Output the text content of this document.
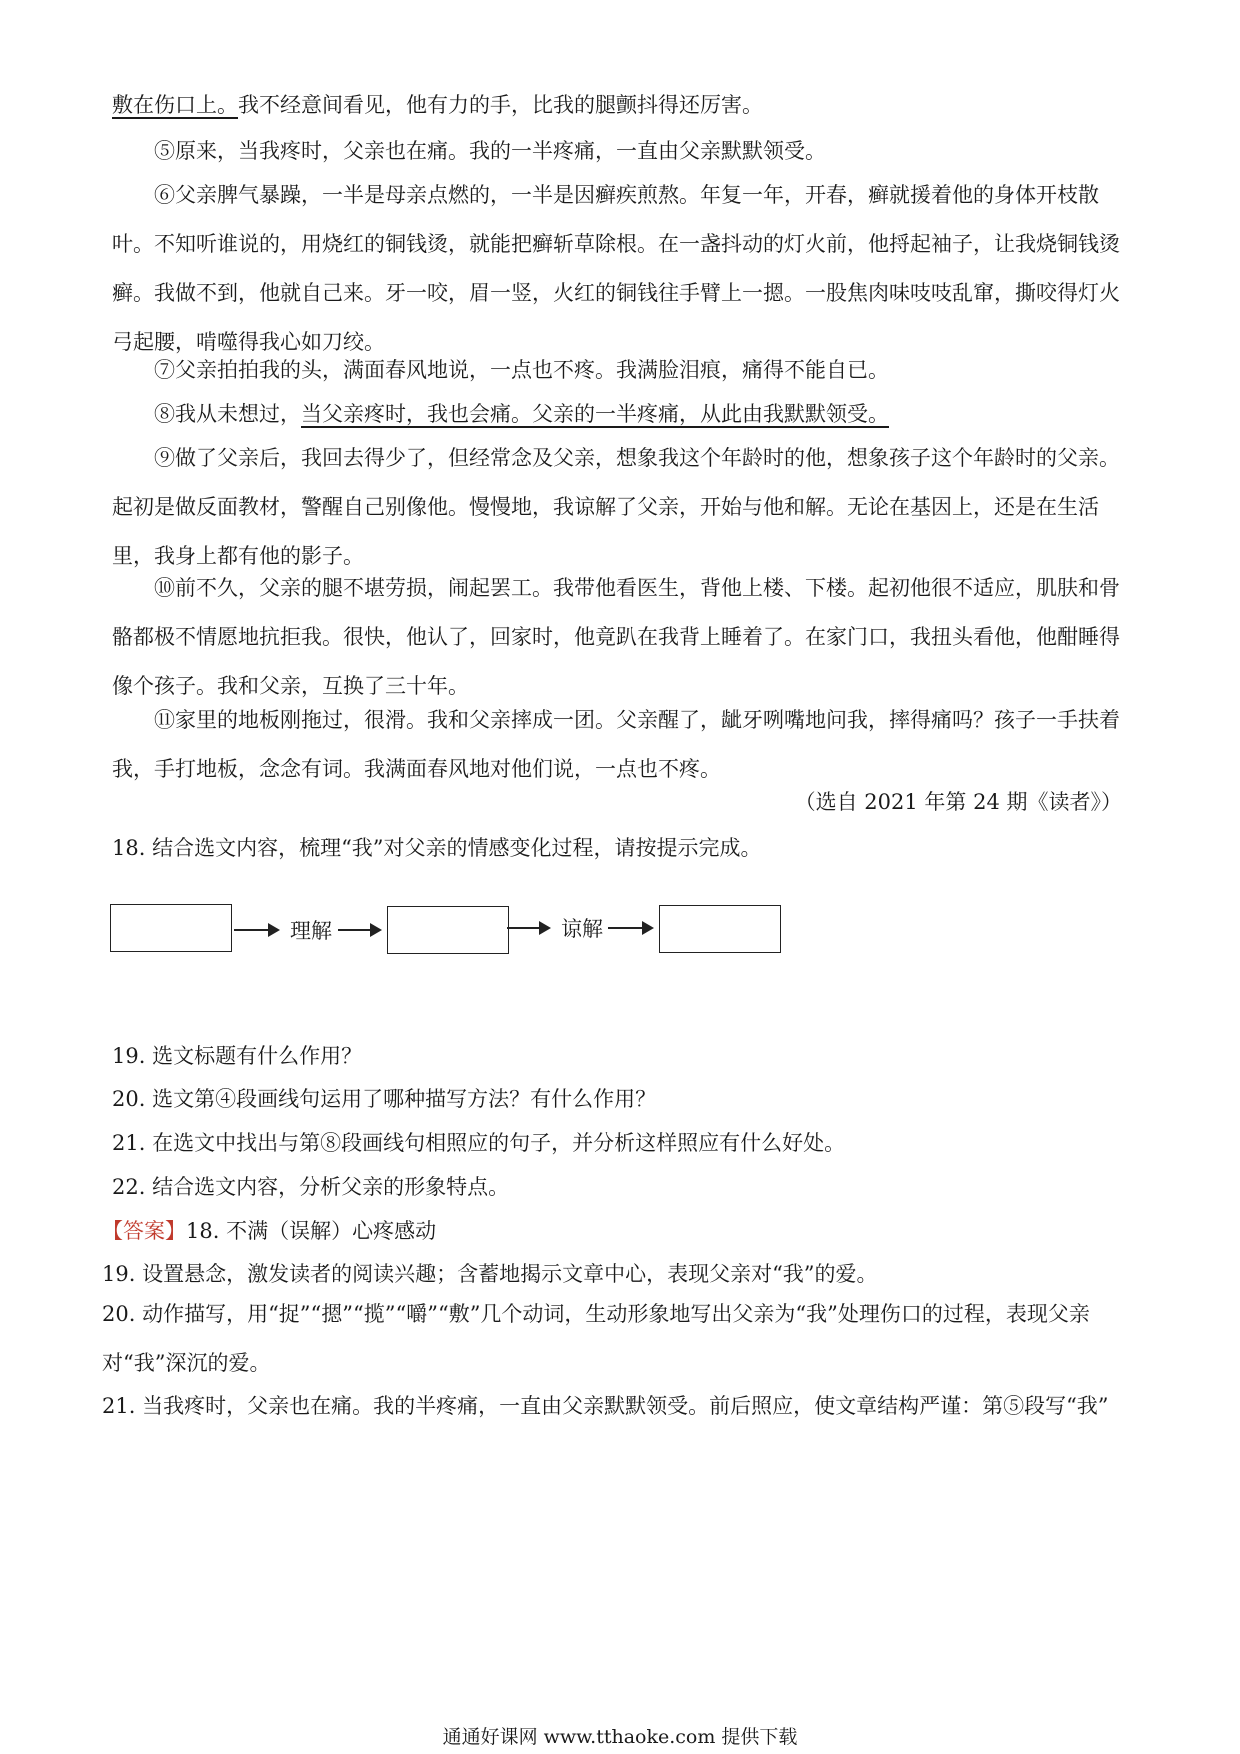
敷在伤口上。我不经意间看见，他有力的手，比我的腿颤抖得还厉害。

⑤原来，当我疼时，父亲也在痛。我的一半疼痛，一直由父亲默默领受。

⑥父亲脾气暴躁，一半是母亲点燃的，一半是因癣疾煎熬。年复一年，开春，癣就援着他的身体开枝散叶。不知听谁说的，用烧红的铜钱烫，就能把癣斩草除根。在一盏抖动的灯火前，他捋起袖子，让我烧铜钱烫癣。我做不到，他就自己来。牙一咬，眉一竖，火红的铜钱往手臂上一摁。一股焦肉味吱吱乱窜，撕咬得灯火弓起腰，啃噬得我心如刀绞。

⑦父亲拍拍我的头，满面春风地说，一点也不疼。我满脸泪痕，痛得不能自已。

⑧我从未想过，当父亲疼时，我也会痛。父亲的一半疼痛，从此由我默默领受。

⑨做了父亲后，我回去得少了，但经常念及父亲，想象我这个年龄时的他，想象孩子这个年龄时的父亲。起初是做反面教材，警醒自己别像他。慢慢地，我谅解了父亲，开始与他和解。无论在基因上，还是在生活里，我身上都有他的影子。

⑩前不久，父亲的腿不堪劳损，闹起罢工。我带他看医生，背他上楼、下楼。起初他很不适应，肌肤和骨骼都极不情愿地抗拒我。很快，他认了，回家时，他竟趴在我背上睡着了。在家门口，我扭头看他，他酣睡得像个孩子。我和父亲，互换了三十年。

⑪家里的地板刚拖过，很滑。我和父亲摔成一团。父亲醒了，龇牙咧嘴地问我，摔得痛吗？孩子一手扶着我，手打地板，念念有词。我满面春风地对他们说，一点也不疼。

（选自 2021 年第 24 期《读者》）

18. 结合选文内容，梳理“我”对父亲的情感变化过程，请按提示完成。

理解	谅解

19. 选文标题有什么作用？

20. 选文第④段画线句运用了哪种描写方法？有什么作用？

21. 在选文中找出与第⑧段画线句相照应的句子，并分析这样照应有什么好处。

22. 结合选文内容，分析父亲的形象特点。

【答案】18. 不满（误解）心疼感动

19. 设置悬念，激发读者的阅读兴趣；含蓄地揭示文章中心，表现父亲对“我”的爱。

20. 动作描写，用“捉”“摁”“揽”“嚼”“敷”几个动词，生动形象地写出父亲为“我”处理伤口的过程，表现父亲对“我”深沉的爱。

21. 当我疼时，父亲也在痛。我的半疼痛，一直由父亲默默领受。前后照应，使文章结构严谨：第⑤段写“我”

通通好课网 www.tthaoke.com 提供下载
